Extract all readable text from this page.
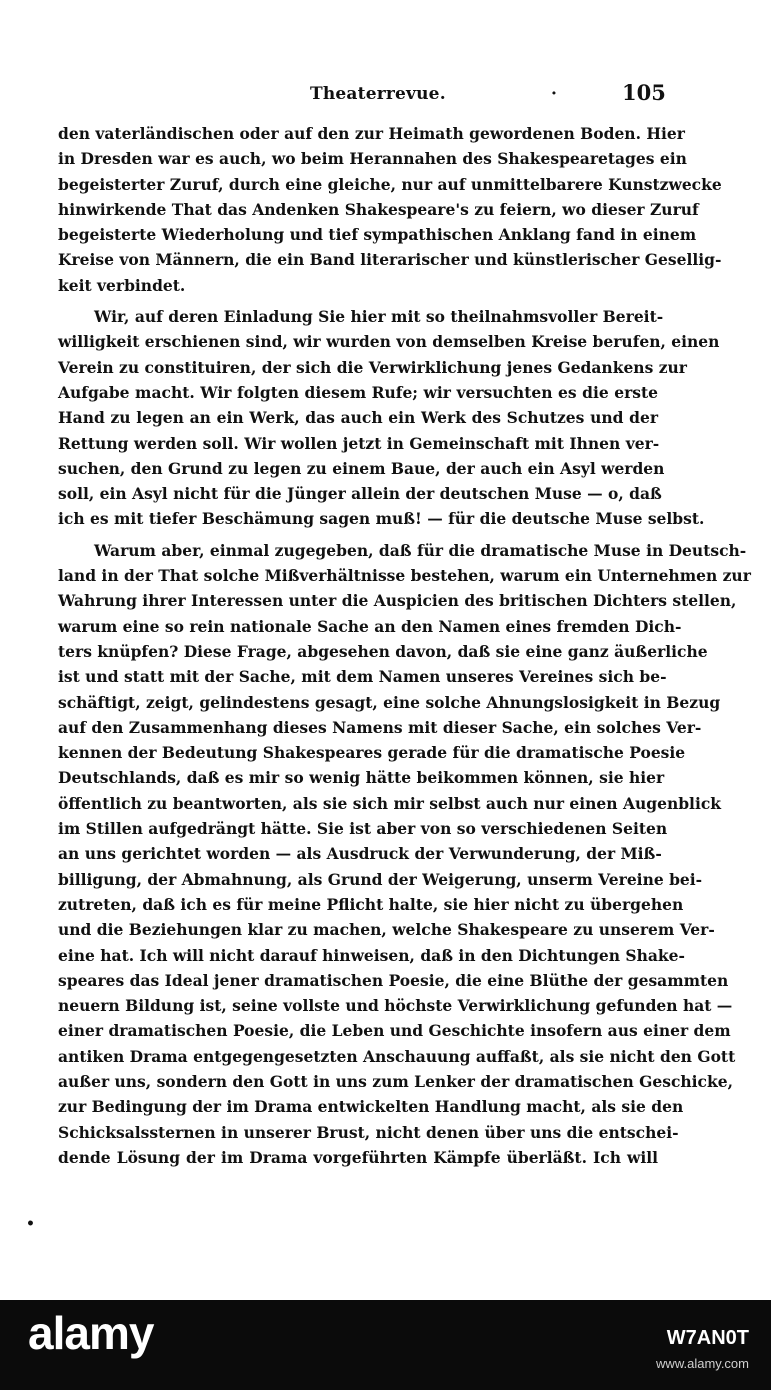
Theaterrevue.	·	105
den vaterländischen oder auf den zur Heimath gewordenen Boden. Hier
in Dresden war es auch, wo beim Herannahen des Shakespearetages ein
begeisterter Zuruf, durch eine gleiche, nur auf unmittelbarere Kunstzwecke
hinwirkende That das Andenken Shakespeare's zu feiern, wo dieser Zuruf
begeisterte Wiederholung und tief sympathischen Anklang fand in einem
Kreise von Männern, die ein Band literarischer und künstlerischer Gesellig-
keit verbindet.
Wir, auf deren Einladung Sie hier mit so theilnahmsvoller Bereit-
willigkeit erschienen sind, wir wurden von demselben Kreise berufen, einen
Verein zu constituiren, der sich die Verwirklichung jenes Gedankens zur
Aufgabe macht. Wir folgten diesem Rufe; wir versuchten es die erste
Hand zu legen an ein Werk, das auch ein Werk des Schutzes und der
Rettung werden soll. Wir wollen jetzt in Gemeinschaft mit Ihnen ver-
suchen, den Grund zu legen zu einem Baue, der auch ein Asyl werden
soll, ein Asyl nicht für die Jünger allein der deutschen Muse — o, daß
ich es mit tiefer Beschämung sagen muß! — für die deutsche Muse selbst.
Warum aber, einmal zugegeben, daß für die dramatische Muse in Deutsch-
land in der That solche Mißverhältnisse bestehen, warum ein Unternehmen zur
Wahrung ihrer Interessen unter die Auspicien des britischen Dichters stellen,
warum eine so rein nationale Sache an den Namen eines fremden Dich-
ters knüpfen? Diese Frage, abgesehen davon, daß sie eine ganz äußerliche
ist und statt mit der Sache, mit dem Namen unseres Vereines sich be-
schäftigt, zeigt, gelindestens gesagt, eine solche Ahnungslosigkeit in Bezug
auf den Zusammenhang dieses Namens mit dieser Sache, ein solches Ver-
kennen der Bedeutung Shakespeares gerade für die dramatische Poesie
Deutschlands, daß es mir so wenig hätte beikommen können, sie hier
öffentlich zu beantworten, als sie sich mir selbst auch nur einen Augenblick
im Stillen aufgedrängt hätte. Sie ist aber von so verschiedenen Seiten
an uns gerichtet worden — als Ausdruck der Verwunderung, der Miß-
billigung, der Abmahnung, als Grund der Weigerung, unserm Vereine bei-
zutreten, daß ich es für meine Pflicht halte, sie hier nicht zu übergehen
und die Beziehungen klar zu machen, welche Shakespeare zu unserem Ver-
eine hat. Ich will nicht darauf hinweisen, daß in den Dichtungen Shake-
speares das Ideal jener dramatischen Poesie, die eine Blüthe der gesammten
neuern Bildung ist, seine vollste und höchste Verwirklichung gefunden hat —
einer dramatischen Poesie, die Leben und Geschichte insofern aus einer dem
antiken Drama entgegengesetzten Anschauung auffaßt, als sie nicht den Gott
außer uns, sondern den Gott in uns zum Lenker der dramatischen Geschicke,
zur Bedingung der im Drama entwickelten Handlung macht, als sie den
Schicksalssternen in unserer Brust, nicht denen über uns die entschei-
dende Lösung der im Drama vorgeführten Kämpfe überläßt. Ich will
•
alamy	W7AN0T
www.alamy.com
